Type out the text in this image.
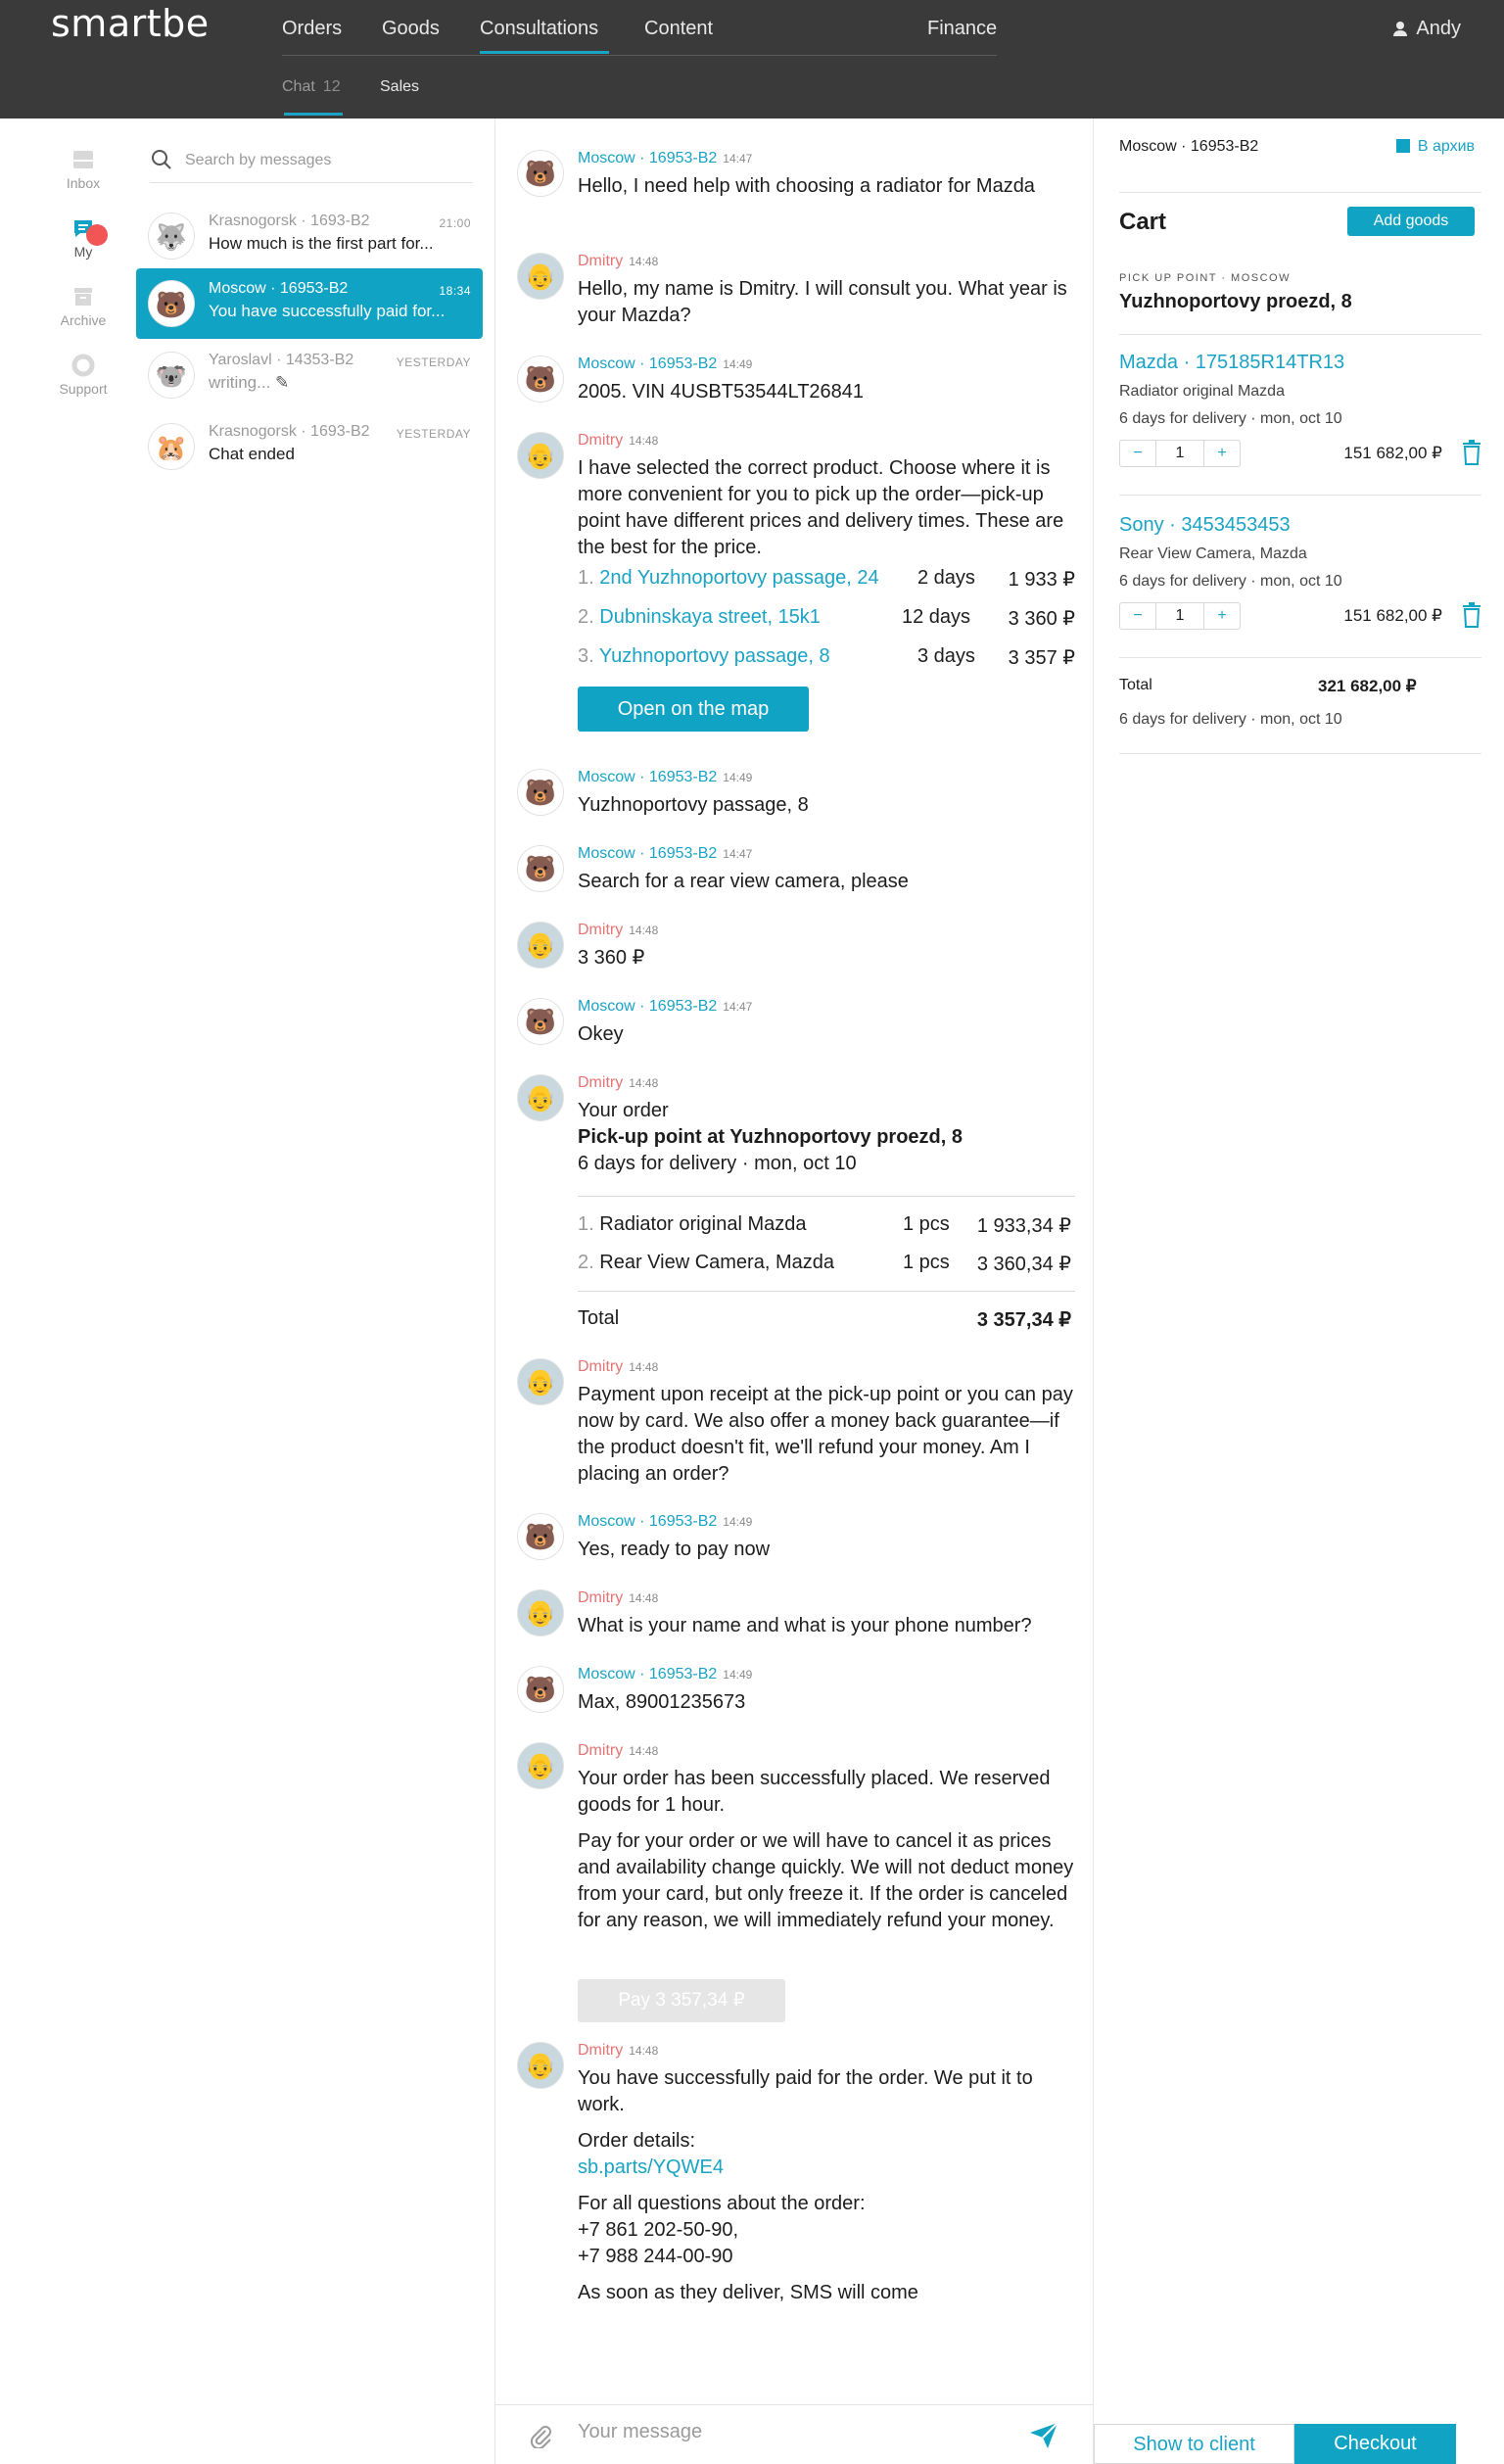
smartbe	Orders Goods Consultations Content	Finance
Chat 12	Sales
Andy
Inbox
My
Archive
Support
Search by messages
🐺
Krasnogorsk · 1693-B2	21:00
How much is the first part for...
🐻
Moscow · 16953-B2	18:34
You have successfully paid for...
🐨
Yaroslavl · 14353-B2	YESTERDAY
writing... ✎
🐹
Krasnogorsk · 1693-B2 YESTERDAY
Chat ended
🐻
Moscow · 16953-B2 14:47
Hello, I need help with choosing a radiator for Mazda
👴
Dmitry 14:48
Hello, my name is Dmitry. I will consult you. What year is your Mazda?
🐻
Moscow · 16953-B2 14:49
2005. VIN 4USBT53544LT26841
👴
Dmitry 14:48
I have selected the correct product. Choose where it is more convenient for you to pick up the order—pick-up point have different prices and delivery times. These are the best for the price.
1. 2nd Yuzhnoportovy passage, 24 2 days 1 933 ₽
2. Dubninskaya street, 15k1	12 days 3 360 ₽
3. Yuzhnoportovy passage, 8	3 days 3 357 ₽
Open on the map
🐻
Moscow · 16953-B2 14:49
Yuzhnoportovy passage, 8
🐻
Moscow · 16953-B2 14:47
Search for a rear view camera, please
👴
Dmitry 14:48
3 360 ₽
🐻
Moscow · 16953-B2 14:47
Okey
👴
Dmitry 14:48
Your order
Pick-up point at Yuzhnoportovy proezd, 8
6 days for delivery · mon, oct 10
1. Radiator original Mazda	1 pcs 1 933,34 ₽
2. Rear View Camera, Mazda	1 pcs 3 360,34 ₽
Total	3 357,34 ₽
👴
Dmitry 14:48
Payment upon receipt at the pick-up point or you can pay now by card. We also offer a money back guarantee—if the product doesn't fit, we'll refund your money. Am I placing an order?
🐻
Moscow · 16953-B2 14:49
Yes, ready to pay now
👴
Dmitry 14:48
What is your name and what is your phone number?
🐻
Moscow · 16953-B2 14:49
Max, 89001235673
👴
Dmitry 14:48

Your order has been successfully placed. We reserved goods for 1 hour.

Pay for your order or we will have to cancel it as prices and availability change quickly. We will not deduct money from your card, but only freeze it. If the order is canceled for any reason, we will immediately refund your money.

Pay 3 357,34 ₽
👴
Dmitry 14:48

You have successfully paid for the order. We put it to work.

Order details:
sb.parts/YQWE4

For all questions about the order:
+7 861 202-50-90,
+7 988 244-00-90

As soon as they deliver, SMS will come

Your message
Moscow · 16953-B2	В архив
Cart	Add goods
PICK UP POINT · MOSCOW
Yuzhnoportovy proezd, 8
Mazda · 175185R14TR13
Radiator original Mazda
6 days for delivery · mon, oct 10
−	1	+	151 682,00 ₽
Sony · 3453453453
Rear View Camera, Mazda
6 days for delivery · mon, oct 10
−	1	+	151 682,00 ₽
Total	321 682,00 ₽
6 days for delivery · mon, oct 10
Show to client	Checkout
